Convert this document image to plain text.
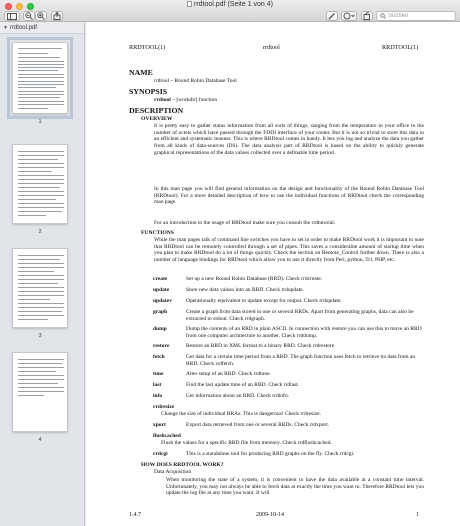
rrdtool.pdf (Seite 1 von 4)
Suchen
▼ rrdtool.pdf
1
2
3
4
RRDTOOL(1)	rrdtool	RRDTOOL(1)
NAME
rrdtool – Round Robin Database Tool
SYNOPSIS
rrdtool – [workdir] function
DESCRIPTION
OVERVIEW
It is pretty easy to gather status information from all sorts of things, ranging from the temperature in your office to the number of octets which have passed through the FDDI interface of your router. But it is not so trivial to store this data in an efficient and systematic manner. This is where RRDtool comes in handy. It lets you log and analyze the data you gather from all kinds of data-sources (DS). The data analysis part of RRDtool is based on the ability to quickly generate graphical representations of the data values collected over a definable time period.
In this man page you will find general information on the design and functionality of the Round Robin Database Tool (RRDtool). For a more detailed description of how to use the individual functions of RRDtool check the corresponding man page.
For an introduction to the usage of RRDtool make sure you consult the rrdtutorial.
FUNCTIONS
While the man pages talk of command line switches you have to set in order to make RRDtool work it is important to note that RRDtool can be remotely controlled through a set of pipes. This saves a considerable amount of startup time when you plan to make RRDtool do a lot of things quickly. Check the section on Remote_Control further down. There is also a number of language bindings for RRDtool which allow you to use it directly from Perl, python, Tcl, PHP, etc.
create	Set up a new Round Robin Database (RRD). Check rrdcreate.
update	Store new data values into an RRD. Check rrdupdate.
updatev	Operationally equivalent to update except for output. Check rrdupdate.
graph	Create a graph from data stored in one or several RRDs. Apart from generating graphs, data can also be extracted to stdout. Check rrdgraph.
dump	Dump the contents of an RRD in plain ASCII. In connection with restore you can use this to move an RRD from one computer architecture to another. Check rrddump.
restore	Restore an RRD in XML format to a binary RRD. Check rrdrestore
fetch	Get data for a certain time period from a RRD. The graph function uses fetch to retrieve its data from an RRD. Check rrdfetch.
tune	Alter setup of an RRD. Check rrdtune.
last	Find the last update time of an RRD. Check rrdlast.
info	Get information about an RRD. Check rrdinfo.
rrdresize
Change the size of individual RRAs. This is dangerous! Check rrdresize.
xport	Export data retrieved from one or several RRDs. Check rrdxport.
flushcached
Flush the values for a specific RRD file from memory. Check rrdflushcached.
rrdcgi	This is a standalone tool for producing RRD graphs on the fly. Check rrdcgi.
HOW DOES RRDTOOL WORK?
Data Acquisition
When monitoring the state of a system, it is convenient to have the data available at a constant time interval. Unfortunately, you may not always be able to fetch data at exactly the time you want to. Therefore RRDtool lets you update the log file at any time you want. It will
1.4.7	2009-10-14	1
